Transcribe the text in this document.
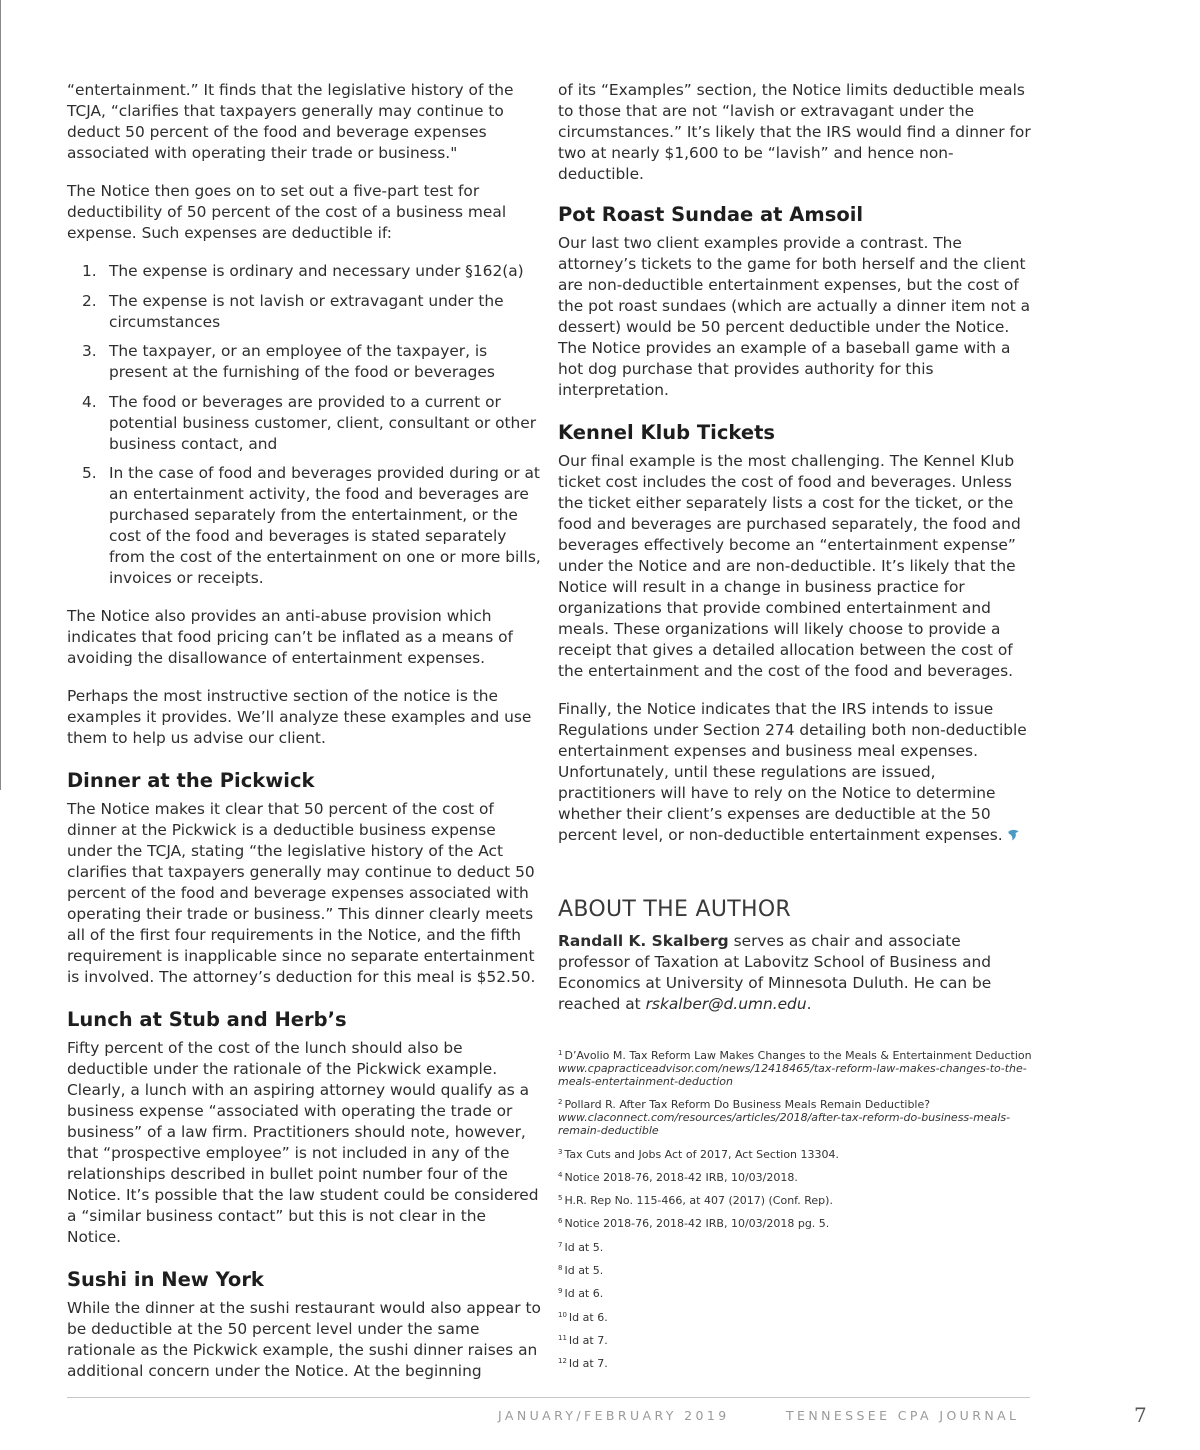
“entertainment.” It finds that the legislative history of the TCJA, “clarifies that taxpayers generally may continue to deduct 50 percent of the food and beverage expenses associated with operating their trade or business."

The Notice then goes on to set out a five-part test for deductibility of 50 percent of the cost of a business meal expense. Such expenses are deductible if:

1. The expense is ordinary and necessary under §162(a)
2. The expense is not lavish or extravagant under the circumstances
3. The taxpayer, or an employee of the taxpayer, is present at the furnishing of the food or beverages
4. The food or beverages are provided to a current or potential business customer, client, consultant or other business contact, and
5. In the case of food and beverages provided during or at an entertainment activity, the food and beverages are purchased separately from the entertainment, or the cost of the food and beverages is stated separately from the cost of the entertainment on one or more bills, invoices or receipts.

The Notice also provides an anti-abuse provision which indicates that food pricing can’t be inflated as a means of avoiding the disallowance of entertainment expenses.

Perhaps the most instructive section of the notice is the examples it provides. We’ll analyze these examples and use them to help us advise our client.

Dinner at the Pickwick

The Notice makes it clear that 50 percent of the cost of dinner at the Pickwick is a deductible business expense under the TCJA, stating “the legislative history of the Act clarifies that taxpayers generally may continue to deduct 50 percent of the food and beverage expenses associated with operating their trade or business.” This dinner clearly meets all of the first four requirements in the Notice, and the fifth requirement is inapplicable since no separate entertainment is involved. The attorney’s deduction for this meal is $52.50.

Lunch at Stub and Herb’s

Fifty percent of the cost of the lunch should also be deductible under the rationale of the Pickwick example. Clearly, a lunch with an aspiring attorney would qualify as a business expense “associated with operating the trade or business” of a law firm. Practitioners should note, however, that “prospective employee” is not included in any of the relationships described in bullet point number four of the Notice. It’s possible that the law student could be considered a “similar business contact” but this is not clear in the Notice.

Sushi in New York

While the dinner at the sushi restaurant would also appear to be deductible at the 50 percent level under the same rationale as the Pickwick example, the sushi dinner raises an additional concern under the Notice. At the beginning

of its “Examples” section, the Notice limits deductible meals to those that are not “lavish or extravagant under the circumstances.” It’s likely that the IRS would find a dinner for two at nearly $1,600 to be “lavish” and hence non-deductible.

Pot Roast Sundae at Amsoil

Our last two client examples provide a contrast. The attorney’s tickets to the game for both herself and the client are non-deductible entertainment expenses, but the cost of the pot roast sundaes (which are actually a dinner item not a dessert) would be 50 percent deductible under the Notice. The Notice provides an example of a baseball game with a hot dog purchase that provides authority for this interpretation.

Kennel Klub Tickets

Our final example is the most challenging. The Kennel Klub ticket cost includes the cost of food and beverages. Unless the ticket either separately lists a cost for the ticket, or the food and beverages are purchased separately, the food and beverages effectively become an “entertainment expense” under the Notice and are non-deductible. It’s likely that the Notice will result in a change in business practice for organizations that provide combined entertainment and meals. These organizations will likely choose to provide a receipt that gives a detailed allocation between the cost of the entertainment and the cost of the food and beverages.

Finally, the Notice indicates that the IRS intends to issue Regulations under Section 274 detailing both non-deductible entertainment expenses and business meal expenses. Unfortunately, until these regulations are issued, practitioners will have to rely on the Notice to determine whether their client’s expenses are deductible at the 50 percent level, or non-deductible entertainment expenses.

ABOUT THE AUTHOR

Randall K. Skalberg serves as chair and associate professor of Taxation at Labovitz School of Business and Economics at University of Minnesota Duluth. He can be reached at rskalber@d.umn.edu.

$^1$ D’Avolio M. Tax Reform Law Makes Changes to the Meals & Entertainment Deduction www.cpapracticeadvisor.com/news/12418465/tax-reform-law-makes-changes-to-the-meals-entertainment-deduction

$^2$ Pollard R. After Tax Reform Do Business Meals Remain Deductible? www.claconnect.com/resources/articles/2018/after-tax-reform-do-business-meals-remain-deductible

$^3$ Tax Cuts and Jobs Act of 2017, Act Section 13304.

$^4$ Notice 2018-76, 2018-42 IRB, 10/03/2018.

$^5$ H.R. Rep No. 115-466, at 407 (2017) (Conf. Rep).

$^6$ Notice 2018-76, 2018-42 IRB, 10/03/2018 pg. 5.

$^7$ Id at 5.

$^8$ Id at 5.

$^9$ Id at 6.

$^{10}$ Id at 6.

$^{11}$ Id at 7.

$^{12}$ Id at 7.

JANUARY/FEBRUARY 2019	TENNESSEE CPA JOURNAL	7
